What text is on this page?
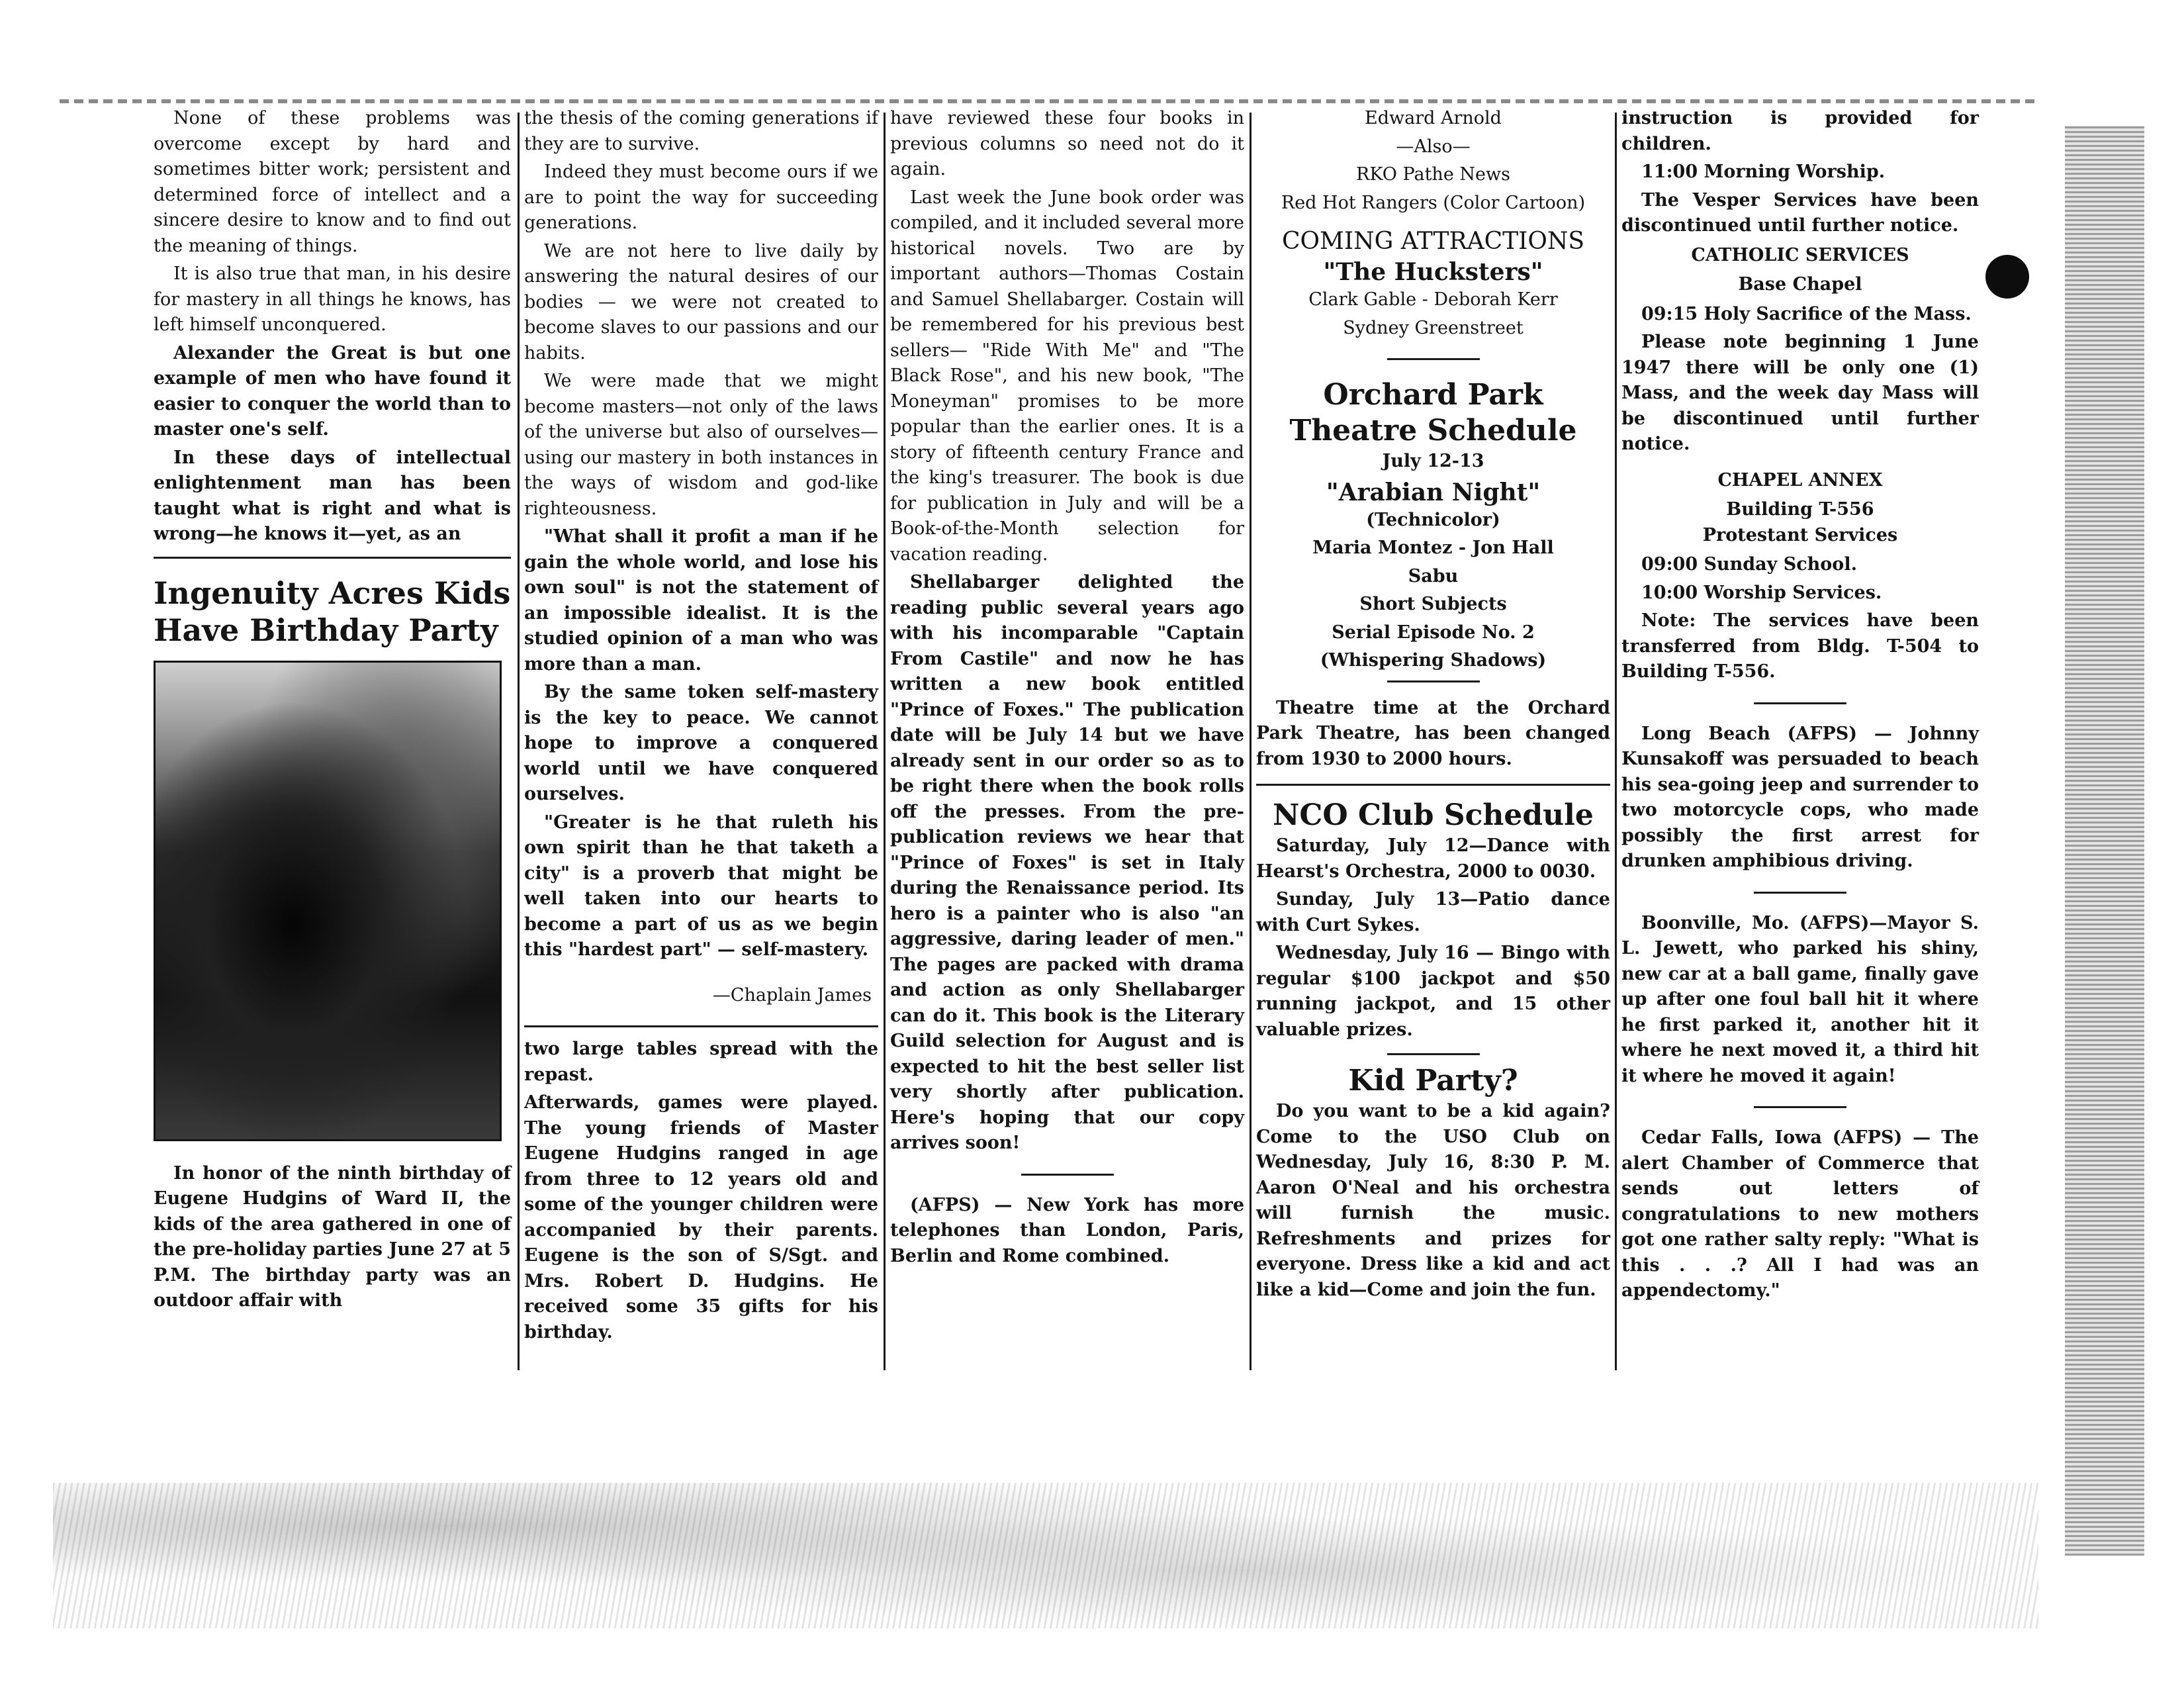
None of these problems was overcome except by hard and sometimes bitter work; persistent and determined force of intellect and a sincere desire to know and to find out the meaning of things.

It is also true that man, in his desire for mastery in all things he knows, has left himself unconquered.

Alexander the Great is but one example of men who have found it easier to conquer the world than to master one's self.

In these days of intellectual enlightenment man has been taught what is right and what is wrong—he knows it—yet, as an

Ingenuity Acres Kids Have Birthday Party

In honor of the ninth birthday of Eugene Hudgins of Ward II, the kids of the area gathered in one of the pre-holiday parties June 27 at 5 P.M. The birthday party was an outdoor affair with

the thesis of the coming generations if they are to survive.

Indeed they must become ours if we are to point the way for succeeding generations.

We are not here to live daily by answering the natural desires of our bodies — we were not created to become slaves to our passions and our habits.

We were made that we might become masters—not only of the laws of the universe but also of ourselves—using our mastery in both instances in the ways of wisdom and god-like righteousness.

"What shall it profit a man if he gain the whole world, and lose his own soul" is not the statement of an impossible idealist. It is the studied opinion of a man who was more than a man.

By the same token self-mastery is the key to peace. We cannot hope to improve a conquered world until we have conquered ourselves.

"Greater is he that ruleth his own spirit than he that taketh a city" is a proverb that might be well taken into our hearts to become a part of us as we begin this "hardest part" — self-mastery.

—Chaplain James

two large tables spread with the repast.

Afterwards, games were played. The young friends of Master Eugene Hudgins ranged in age from three to 12 years old and some of the younger children were accompanied by their parents. Eugene is the son of S/Sgt. and Mrs. Robert D. Hudgins. He received some 35 gifts for his birthday.

have reviewed these four books in previous columns so need not do it again.

Last week the June book order was compiled, and it included several more historical novels. Two are by important authors—Thomas Costain and Samuel Shellabarger. Costain will be remembered for his previous best sellers— "Ride With Me" and "The Black Rose", and his new book, "The Moneyman" promises to be more popular than the earlier ones. It is a story of fifteenth century France and the king's treasurer. The book is due for publication in July and will be a Book-of-the-Month selection for vacation reading.

Shellabarger delighted the reading public several years ago with his incomparable "Captain From Castile" and now he has written a new book entitled "Prince of Foxes." The publication date will be July 14 but we have already sent in our order so as to be right there when the book rolls off the presses. From the pre-publication reviews we hear that "Prince of Foxes" is set in Italy during the Renaissance period. Its hero is a painter who is also "an aggressive, daring leader of men." The pages are packed with drama and action as only Shellabarger can do it. This book is the Literary Guild selection for August and is expected to hit the best seller list very shortly after publication. Here's hoping that our copy arrives soon!

(AFPS) — New York has more telephones than London, Paris, Berlin and Rome combined.

Edward Arnold

—Also—

RKO Pathe News

Red Hot Rangers (Color Cartoon)

COMING ATTRACTIONS
"The Hucksters"

Clark Gable - Deborah Kerr

Sydney Greenstreet

Orchard Park
Theatre Schedule

July 12-13

"Arabian Night"

(Technicolor)

Maria Montez - Jon Hall

Sabu

Short Subjects

Serial Episode No. 2

(Whispering Shadows)

Theatre time at the Orchard Park Theatre, has been changed from 1930 to 2000 hours.

NCO Club Schedule

Saturday, July 12—Dance with Hearst's Orchestra, 2000 to 0030.

Sunday, July 13—Patio dance with Curt Sykes.

Wednesday, July 16 — Bingo with regular $100 jackpot and $50 running jackpot, and 15 other valuable prizes.

Kid Party?

Do you want to be a kid again? Come to the USO Club on Wednesday, July 16, 8:30 P. M. Aaron O'Neal and his orchestra will furnish the music. Refreshments and prizes for everyone. Dress like a kid and act like a kid—Come and join the fun.

instruction is provided for children.

11:00 Morning Worship.

The Vesper Services have been discontinued until further notice.

CATHOLIC SERVICES
Base Chapel

09:15 Holy Sacrifice of the Mass.

Please note beginning 1 June 1947 there will be only one (1) Mass, and the week day Mass will be discontinued until further notice.

CHAPEL ANNEX
Building T-556
Protestant Services

09:00 Sunday School.

10:00 Worship Services.

Note: The services have been transferred from Bldg. T-504 to Building T-556.

Long Beach (AFPS) — Johnny Kunsakoff was persuaded to beach his sea-going jeep and surrender to two motorcycle cops, who made possibly the first arrest for drunken amphibious driving.

Boonville, Mo. (AFPS)—Mayor S. L. Jewett, who parked his shiny, new car at a ball game, finally gave up after one foul ball hit it where he first parked it, another hit it where he next moved it, a third hit it where he moved it again!

Cedar Falls, Iowa (AFPS) — The alert Chamber of Commerce that sends out letters of congratulations to new mothers got one rather salty reply: "What is this . . .? All I had was an appendectomy."
